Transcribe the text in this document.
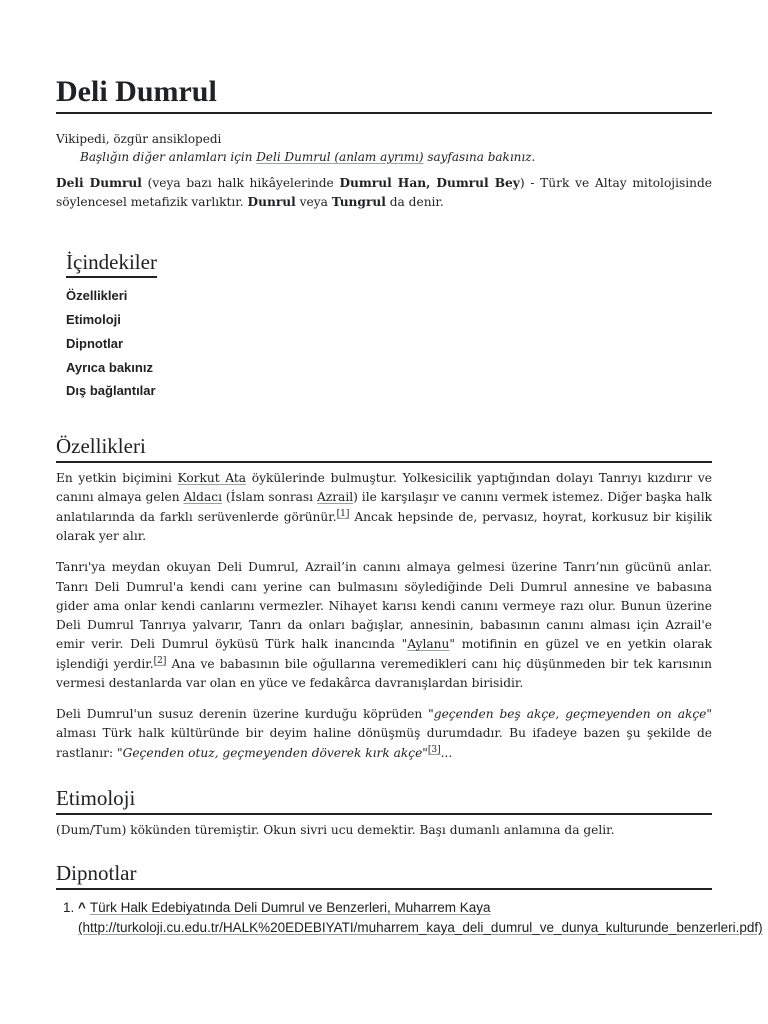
Deli Dumrul
Vikipedi, özgür ansiklopedi
Başlığın diğer anlamları için Deli Dumrul (anlam ayrımı) sayfasına bakınız.

Deli Dumrul (veya bazı halk hikâyelerinde Dumrul Han, Dumrul Bey) - Türk ve Altay mitolojisinde söylencesel metafizik varlıktır. Dunrul veya Tungrul da denir.

İçindekiler
Özellikleri
Etimoloji
Dipnotlar
Ayrıca bakınız
Dış bağlantılar
Özellikleri

En yetkin biçimini Korkut Ata öykülerinde bulmuştur. Yolkesicilik yaptığından dolayı Tanrıyı kızdırır ve canını almaya gelen Aldacı (İslam sonrası Azrail) ile karşılaşır ve canını vermek istemez. Diğer başka halk anlatılarında da farklı serüvenlerde görünür.[1] Ancak hepsinde de, pervasız, hoyrat, korkusuz bir kişilik olarak yer alır.

Tanrı'ya meydan okuyan Deli Dumrul, Azrail’in canını almaya gelmesi üzerine Tanrı’nın gücünü anlar. Tanrı Deli Dumrul'a kendi canı yerine can bulmasını söylediğinde Deli Dumrul annesine ve babasına gider ama onlar kendi canlarını vermezler. Nihayet karısı kendi canını vermeye razı olur. Bunun üzerine Deli Dumrul Tanrıya yalvarır, Tanrı da onları bağışlar, annesinin, babasının canını alması için Azrail'e emir verir. Deli Dumrul öyküsü Türk halk inancında "Aylanu" motifinin en güzel ve en yetkin olarak işlendiği yerdir.[2] Ana ve babasının bile oğullarına veremedikleri canı hiç düşünmeden bir tek karısının vermesi destanlarda var olan en yüce ve fedakârca davranışlardan birisidir.

Deli Dumrul'un susuz derenin üzerine kurduğu köprüden "geçenden beş akçe, geçmeyenden on akçe" alması Türk halk kültüründe bir deyim haline dönüşmüş durumdadır. Bu ifadeye bazen şu şekilde de rastlanır: "Geçenden otuz, geçmeyenden döverek kırk akçe"[3]...

Etimoloji

(Dum/Tum) kökünden türemiştir. Okun sivri ucu demektir. Başı dumanlı anlamına da gelir.

Dipnotlar
1. ^ Türk Halk Edebiyatında Deli Dumrul ve Benzerleri, Muharrem Kaya (http://turkoloji.cu.edu.tr/HALK%20EDEBIYATI/muharrem_kaya_deli_dumrul_ve_dunya_kulturunde_benzerleri.pdf)
